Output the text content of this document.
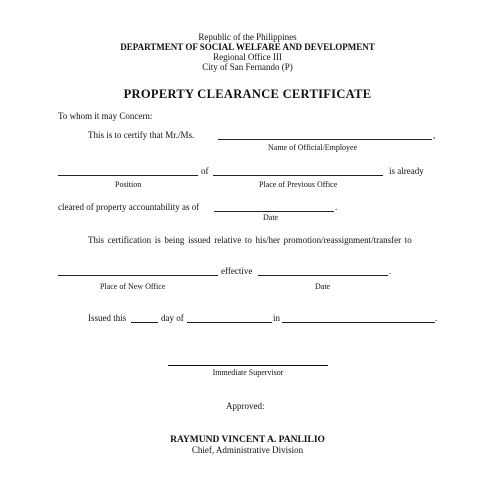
Republic of the Philippines
DEPARTMENT OF SOCIAL WELFARE AND DEVELOPMENT
Regional Office III
City of San Fernando (P)
PROPERTY CLEARANCE CERTIFICATE
To whom it may Concern:
This is to certify that Mr./Ms.	,
Name of Official/Employee
of	is already
Position	Place of Previous Office
cleared of property accountability as of	.
Date
This certification is being issued relative to his/her promotion/reassignment/transfer to
effective	.
Place of New Office	Date
Issued this	day of	in	.
Immediate Supervisor
Approved:
RAYMUND VINCENT A. PANLILIO
Chief, Administrative Division
